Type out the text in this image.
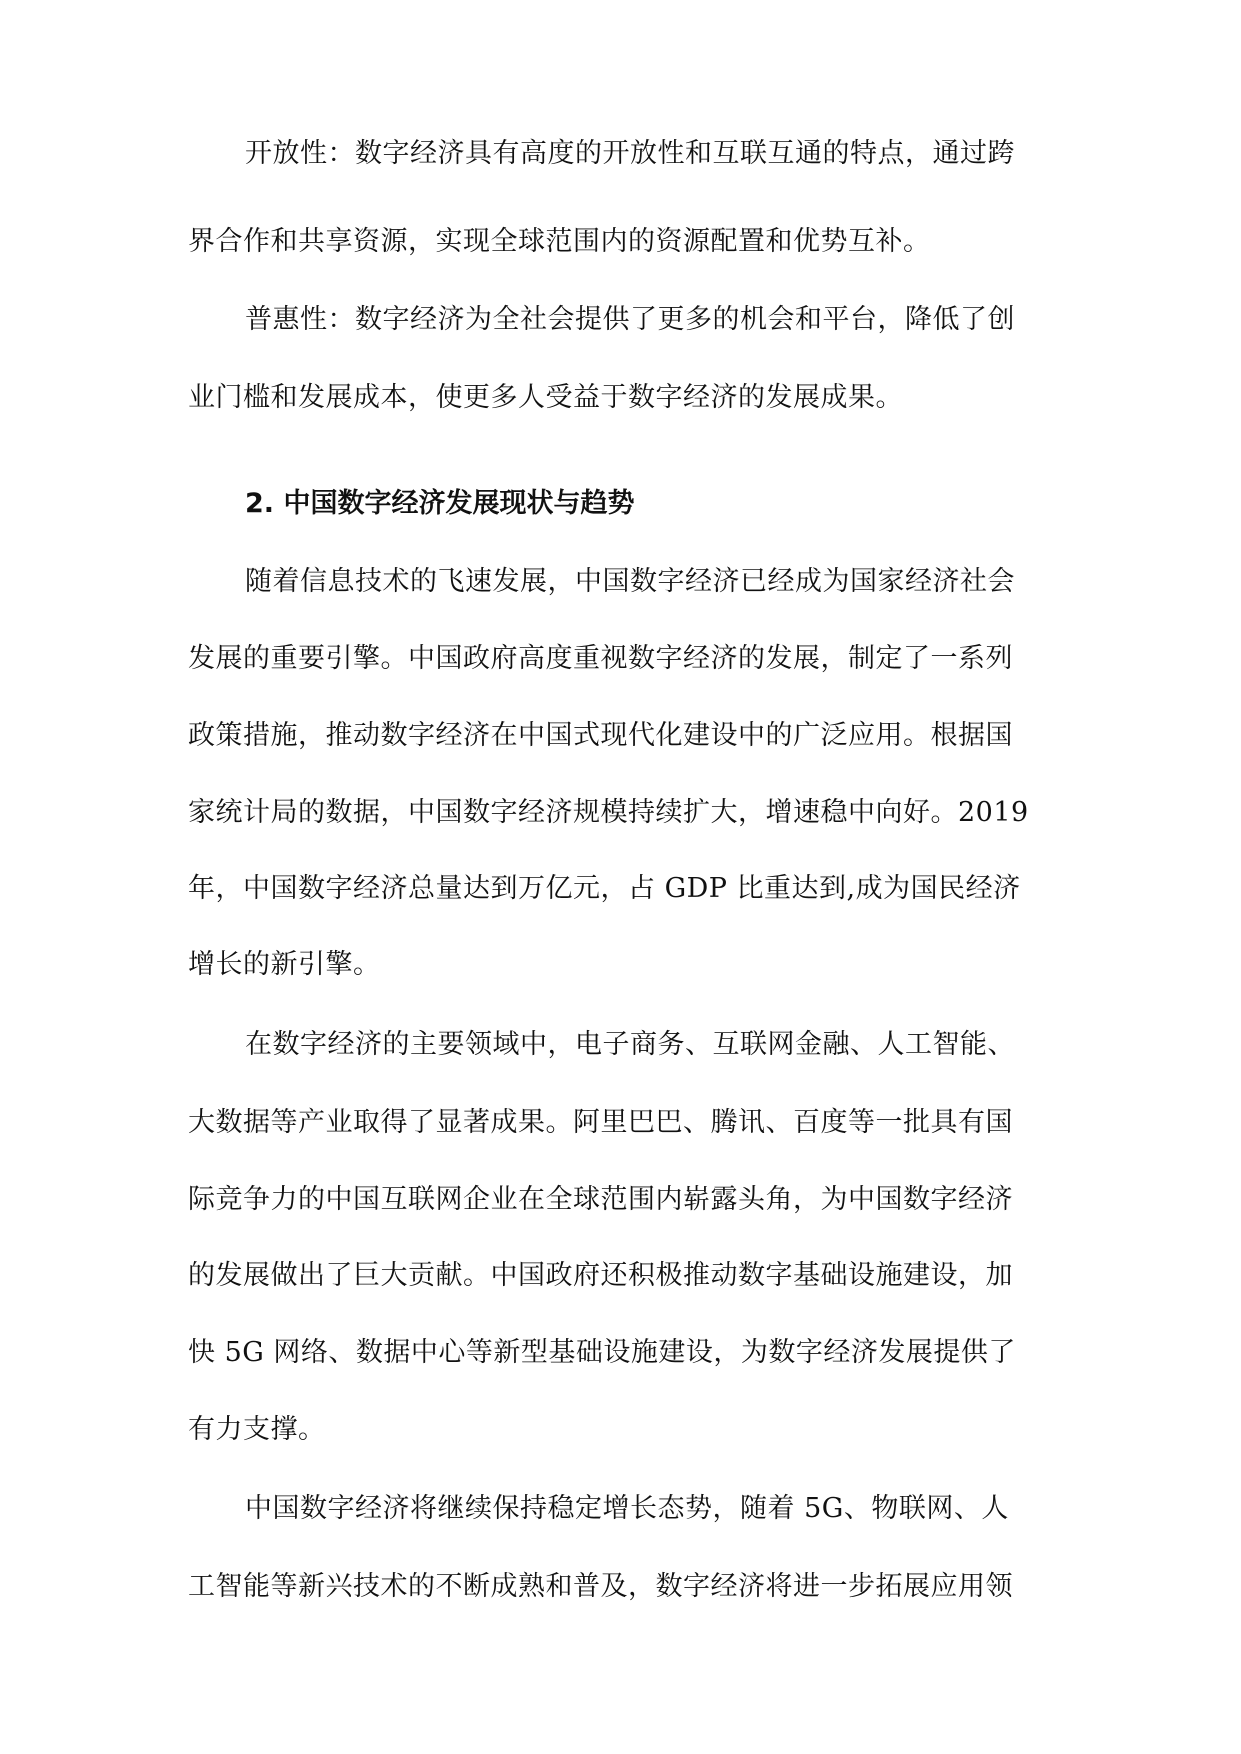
开放性：数字经济具有高度的开放性和互联互通的特点，通过跨
界合作和共享资源，实现全球范围内的资源配置和优势互补。
普惠性：数字经济为全社会提供了更多的机会和平台，降低了创
业门槛和发展成本，使更多人受益于数字经济的发展成果。
2. 中国数字经济发展现状与趋势
随着信息技术的飞速发展，中国数字经济已经成为国家经济社会
发展的重要引擎。中国政府高度重视数字经济的发展，制定了一系列
政策措施，推动数字经济在中国式现代化建设中的广泛应用。根据国
家统计局的数据，中国数字经济规模持续扩大，增速稳中向好。2019
年，中国数字经济总量达到万亿元，占 GDP 比重达到,成为国民经济
增长的新引擎。
在数字经济的主要领域中，电子商务、互联网金融、人工智能、
大数据等产业取得了显著成果。阿里巴巴、腾讯、百度等一批具有国
际竞争力的中国互联网企业在全球范围内崭露头角，为中国数字经济
的发展做出了巨大贡献。中国政府还积极推动数字基础设施建设，加
快 5G 网络、数据中心等新型基础设施建设，为数字经济发展提供了
有力支撑。
中国数字经济将继续保持稳定增长态势，随着 5G、物联网、人
工智能等新兴技术的不断成熟和普及，数字经济将进一步拓展应用领
